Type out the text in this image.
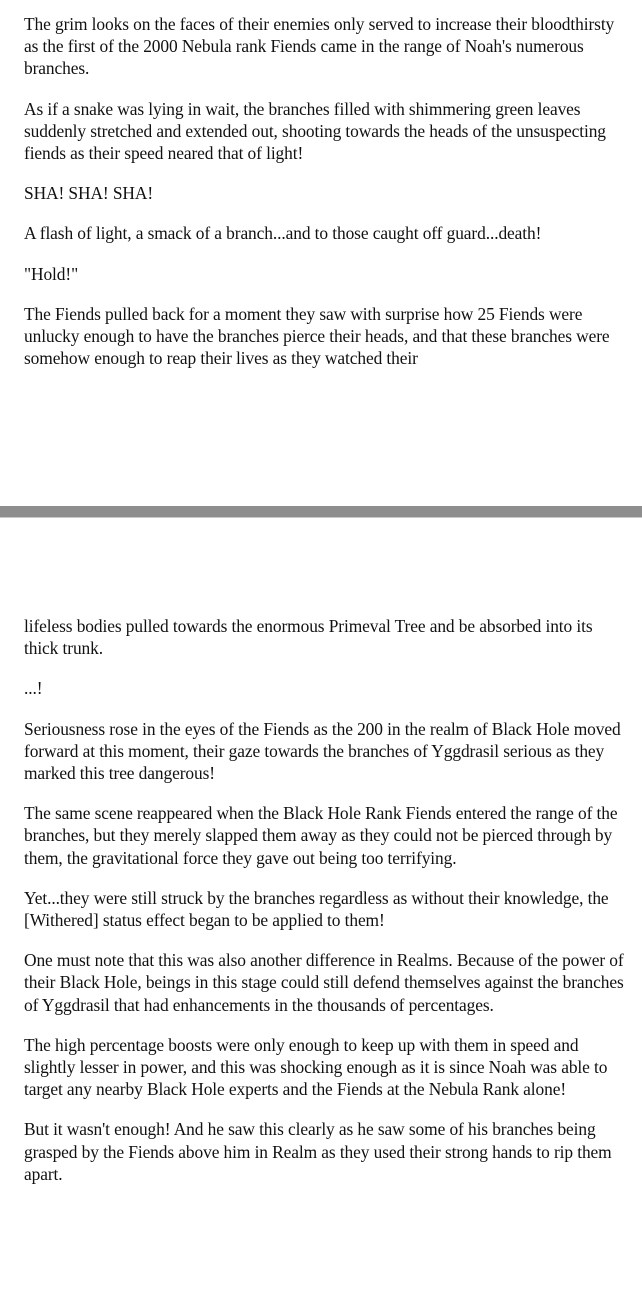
The grim looks on the faces of their enemies only served to increase their bloodthirsty as the first of the 2000 Nebula rank Fiends came in the range of Noah's numerous branches.

As if a snake was lying in wait, the branches filled with shimmering green leaves suddenly stretched and extended out, shooting towards the heads of the unsuspecting fiends as their speed neared that of light!

SHA! SHA! SHA!

A flash of light, a smack of a branch...and to those caught off guard...death!

"Hold!"

The Fiends pulled back for a moment they saw with surprise how 25 Fiends were unlucky enough to have the branches pierce their heads, and that these branches were somehow enough to reap their lives as they watched their

lifeless bodies pulled towards the enormous Primeval Tree and be absorbed into its thick trunk.

...!

Seriousness rose in the eyes of the Fiends as the 200 in the realm of Black Hole moved forward at this moment, their gaze towards the branches of Yggdrasil serious as they marked this tree dangerous!

The same scene reappeared when the Black Hole Rank Fiends entered the range of the branches, but they merely slapped them away as they could not be pierced through by them, the gravitational force they gave out being too terrifying.

Yet...they were still struck by the branches regardless as without their knowledge, the [Withered] status effect began to be applied to them!

One must note that this was also another difference in Realms. Because of the power of their Black Hole, beings in this stage could still defend themselves against the branches of Yggdrasil that had enhancements in the thousands of percentages.

The high percentage boosts were only enough to keep up with them in speed and slightly lesser in power, and this was shocking enough as it is since Noah was able to target any nearby Black Hole experts and the Fiends at the Nebula Rank alone!

But it wasn't enough! And he saw this clearly as he saw some of his branches being grasped by the Fiends above him in Realm as they used their strong hands to rip them apart.
